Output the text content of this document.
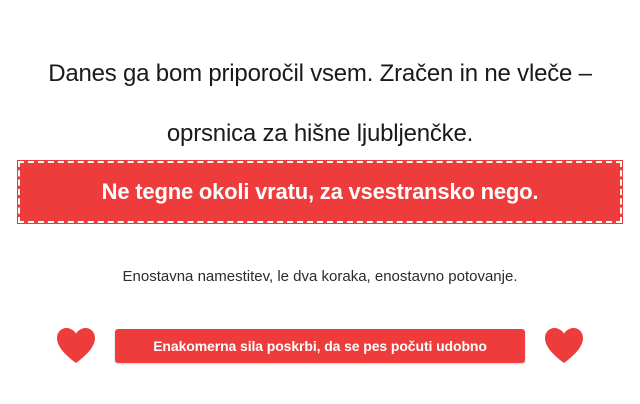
Danes ga bom priporočil vsem. Zračen in ne vleče – oprsnica za hišne ljubljenčke.
Ne tegne okoli vratu, za vsestransko nego.
Enostavna namestitev, le dva koraka, enostavno potovanje.
Enakomerna sila poskrbi, da se pes počuti udobno
